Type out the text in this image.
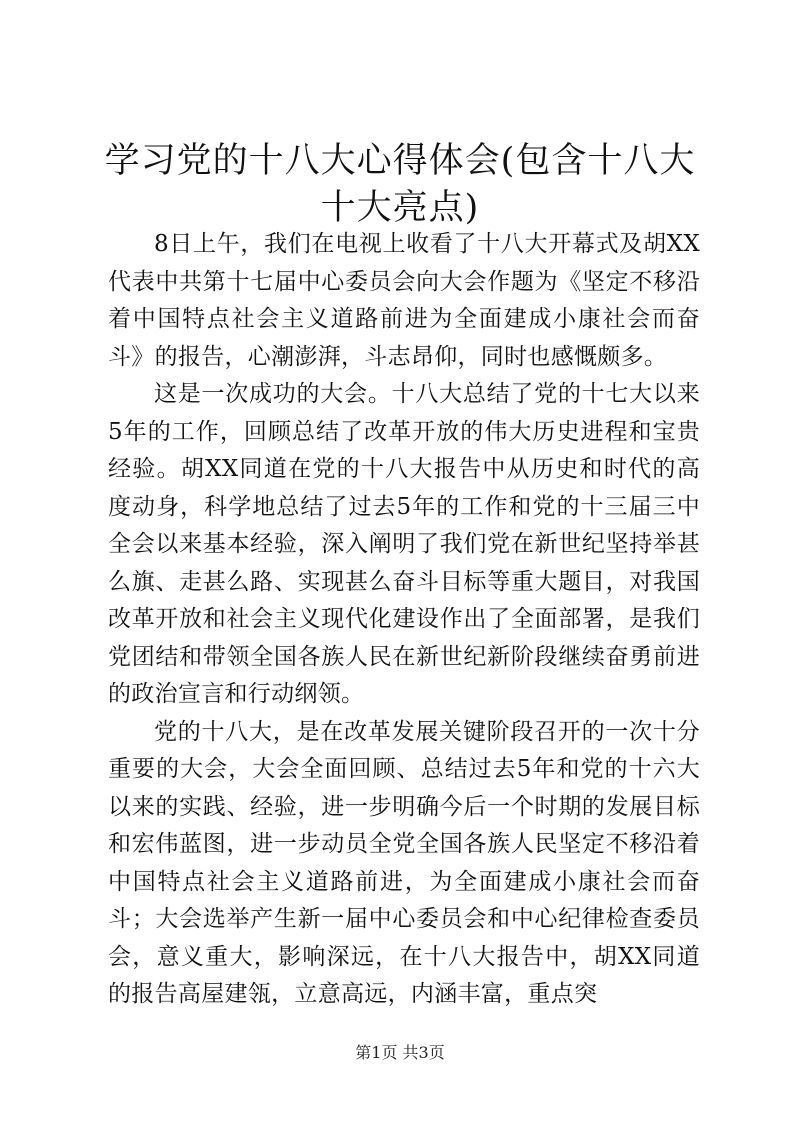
学习党的十八大心得体会(包含十八大十大亮点)

8日上午，我们在电视上收看了十八大开幕式及胡XX代表中共第十七届中心委员会向大会作题为《坚定不移沿着中国特点社会主义道路前进为全面建成小康社会而奋斗》的报告，心潮澎湃，斗志昂仰，同时也感慨颇多。

这是一次成功的大会。十八大总结了党的十七大以来5年的工作，回顾总结了改革开放的伟大历史进程和宝贵经验。胡XX同道在党的十八大报告中从历史和时代的高度动身，科学地总结了过去5年的工作和党的十三届三中全会以来基本经验，深入阐明了我们党在新世纪坚持举甚么旗、走甚么路、实现甚么奋斗目标等重大题目，对我国改革开放和社会主义现代化建设作出了全面部署，是我们党团结和带领全国各族人民在新世纪新阶段继续奋勇前进的政治宣言和行动纲领。

党的十八大，是在改革发展关键阶段召开的一次十分重要的大会，大会全面回顾、总结过去5年和党的十六大以来的实践、经验，进一步明确今后一个时期的发展目标和宏伟蓝图，进一步动员全党全国各族人民坚定不移沿着中国特点社会主义道路前进，为全面建成小康社会而奋斗；大会选举产生新一届中心委员会和中心纪律检查委员会，意义重大，影响深远，在十八大报告中，胡XX同道的报告高屋建瓴，立意高远，内涵丰富，重点突

第1页 共3页
